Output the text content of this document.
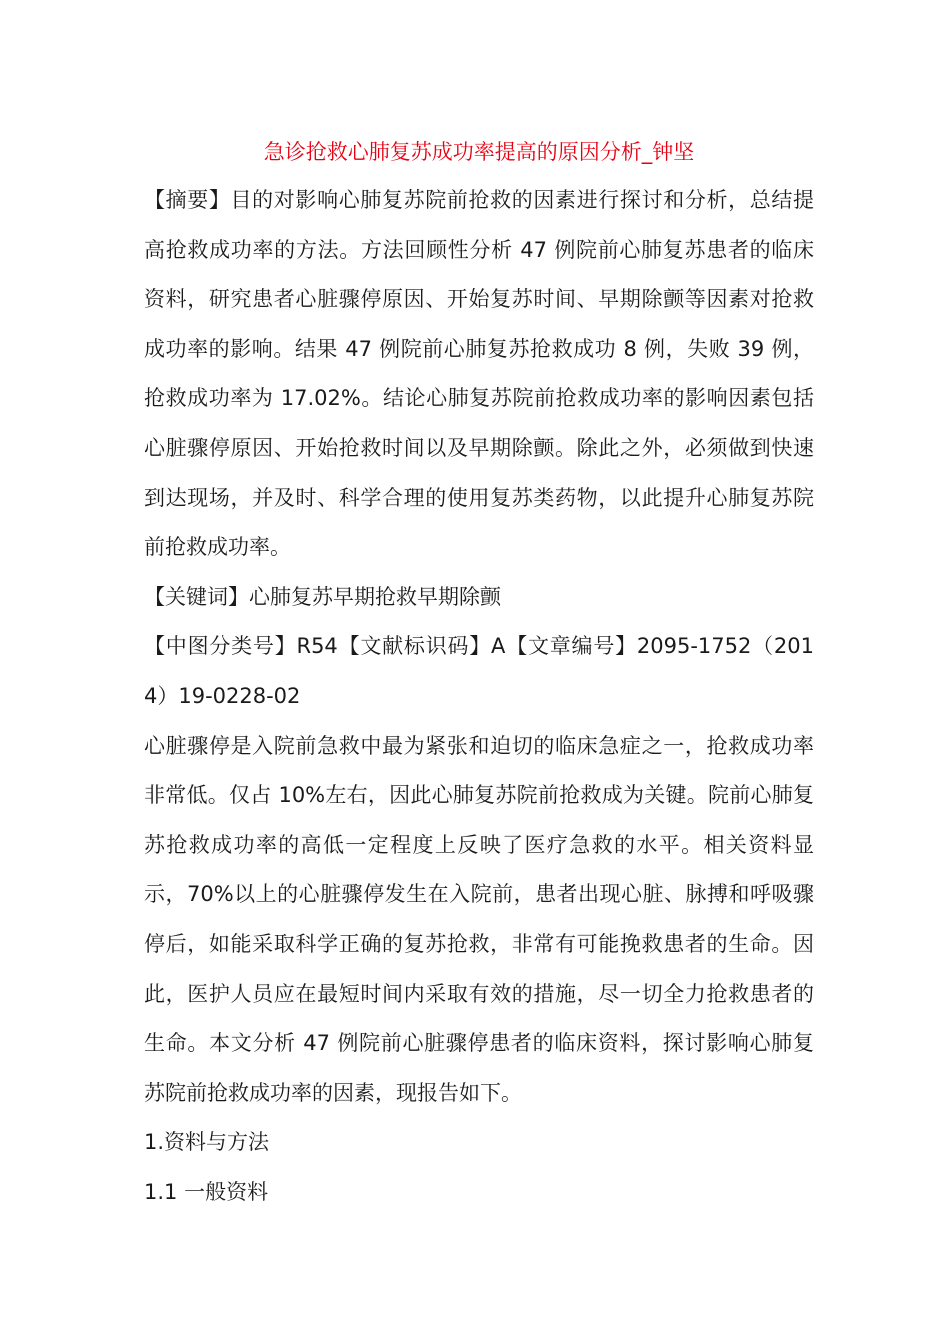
急诊抢救心肺复苏成功率提高的原因分析_钟坚

【摘要】目的对影响心肺复苏院前抢救的因素进行探讨和分析，总结提高抢救成功率的方法。方法回顾性分析 47 例院前心肺复苏患者的临床资料，研究患者心脏骤停原因、开始复苏时间、早期除颤等因素对抢救成功率的影响。结果 47 例院前心肺复苏抢救成功 8 例，失败 39 例，抢救成功率为 17.02%。结论心肺复苏院前抢救成功率的影响因素包括心脏骤停原因、开始抢救时间以及早期除颤。除此之外，必须做到快速到达现场，并及时、科学合理的使用复苏类药物，以此提升心肺复苏院前抢救成功率。

【关键词】心肺复苏早期抢救早期除颤

【中图分类号】R54【文献标识码】A【文章编号】2095-1752（2014）19-0228-02

心脏骤停是入院前急救中最为紧张和迫切的临床急症之一，抢救成功率非常低。仅占 10%左右，因此心肺复苏院前抢救成为关键。院前心肺复苏抢救成功率的高低一定程度上反映了医疗急救的水平。相关资料显示，70%以上的心脏骤停发生在入院前，患者出现心脏、脉搏和呼吸骤停后，如能采取科学正确的复苏抢救，非常有可能挽救患者的生命。因此，医护人员应在最短时间内采取有效的措施，尽一切全力抢救患者的生命。本文分析 47 例院前心脏骤停患者的临床资料，探讨影响心肺复苏院前抢救成功率的因素，现报告如下。

1.资料与方法

1.1 一般资料
